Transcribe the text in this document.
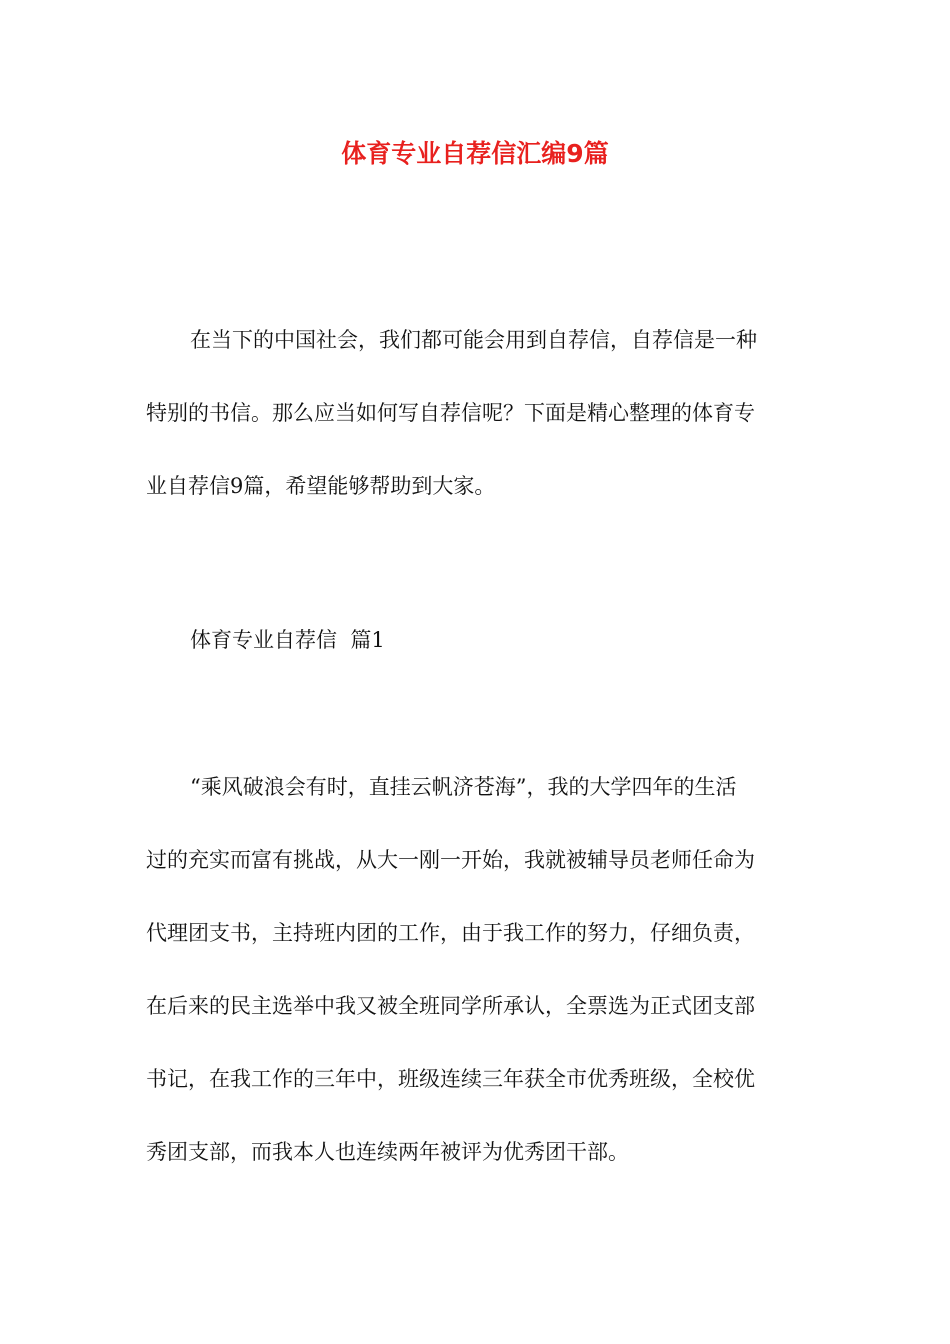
体育专业自荐信汇编9篇
在当下的中国社会，我们都可能会用到自荐信，自荐信是一种
特别的书信。那么应当如何写自荐信呢？下面是精心整理的体育专
业自荐信9篇，希望能够帮助到大家。
体育专业自荐信  篇1
“乘风破浪会有时，直挂云帆济苍海”，我的大学四年的生活
过的充实而富有挑战，从大一刚一开始，我就被辅导员老师任命为
代理团支书，主持班内团的工作，由于我工作的努力，仔细负责，
在后来的民主选举中我又被全班同学所承认，全票选为正式团支部
书记，在我工作的三年中，班级连续三年获全市优秀班级，全校优
秀团支部，而我本人也连续两年被评为优秀团干部。
